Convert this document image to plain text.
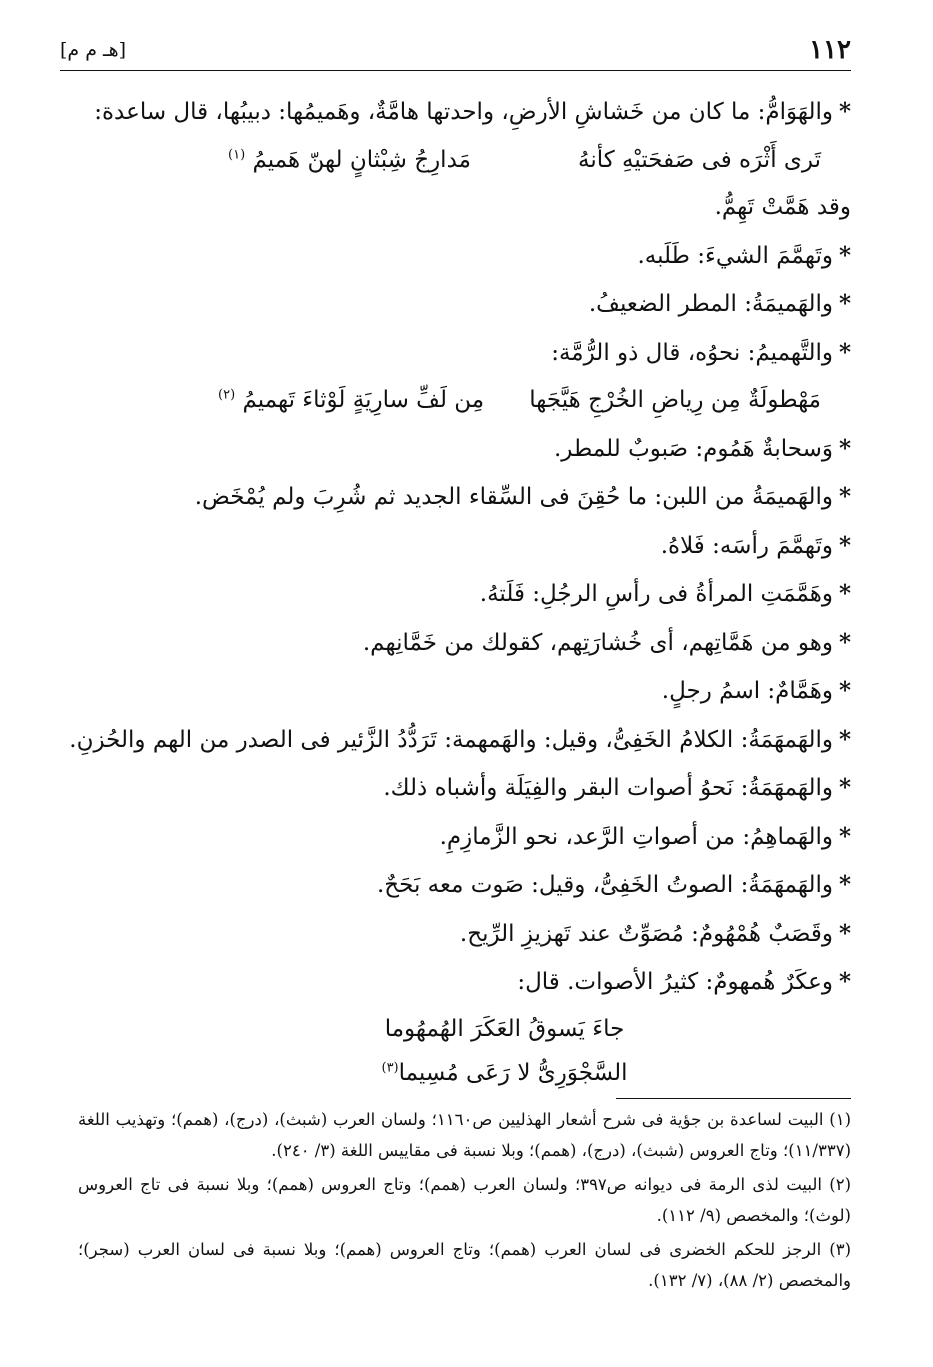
١١٢
[هـ م م]
*والهَوَامُّ: ما كان من خَشاشِ الأرضِ، واحدتها هامَّةٌ، وهَميمُها: دبيبُها، قال ساعدة:
تَرى أَثْرَه فى صَفحَتيْهِ كأنهُ
مَدارِجُ شِبْثانٍ لهنّ هَميمُ $^{(١)}$
وقد هَمَّتْ تَهِمُّ.
*وتَهمَّمَ الشيءَ: طَلَبه.
*والهَميمَةُ: المطر الضعيفُ.
*والتَّهميمُ: نحوُه، قال ذو الرُّمَّة:
مَهْطولَةٌ مِن رِياضِ الخُرْجِ هَيَّجَها
مِن لَفِّ سارِيَةٍ لَوْثاءَ تَهميمُ $^{(٢)}$
*وَسحابةٌ هَمُوم: صَبوبٌ للمطر.
*والهَميمَةُ من اللبن: ما حُقِنَ فى السِّقاء الجديد ثم شُرِبَ ولم يُمْخَض.
*وتَهمَّمَ رأسَه: فَلاهُ.
*وهَمَّمَتِ المرأةُ فى رأسِ الرجُلِ: فَلَتهُ.
*وهو من هَمَّاتِهم، أى خُشارَتِهم، كقولك من خَمَّانِهم.
*وهَمَّامٌ: اسمُ رجلٍ.
*والهَمهَمَةُ: الكلامُ الخَفِىُّ، وقيل: والهَمهمة: تَرَدُّدُ الزَّئير فى الصدر من الهم والحُزنِ.
*والهَمهَمَةُ: نَحوُ أصوات البقر والفِيَلَة وأشباه ذلك.
*والهَماهِمُ: من أصواتِ الرَّعد، نحو الزَّمازِمِ.
*والهَمهَمَةُ: الصوتُ الخَفِىُّ، وقيل: صَوت معه بَحَحٌ.
*وقَصَبٌ هُمْهُومٌ: مُصَوِّتٌ عند تَهزيزِ الرِّيح.
*وعكَرٌ هُمهومٌ: كثيرُ الأصوات. قال:
جاءَ يَسوقُ العَكَرَ الهُمهُوما
السَّجْوَرِىُّ لا رَعَى مُسِيما$^{(٣)}$

(١) البيت لساعدة بن جؤية فى شرح أشعار الهذليين ص١١٦٠؛ ولسان العرب (شبث)، (درج)، (همم)؛ وتهذيب اللغة (١١/٣٣٧)؛ وتاج العروس (شبث)، (درج)، (همم)؛ وبلا نسبة فى مقاييس اللغة (٣/ ٢٤٠).

(٢) البيت لذى الرمة فى ديوانه ص٣٩٧؛ ولسان العرب (همم)؛ وتاج العروس (همم)؛ وبلا نسبة فى تاج العروس (لوث)؛ والمخصص (٩/ ١١٢).

(٣) الرجز للحكم الخضرى فى لسان العرب (همم)؛ وتاج العروس (همم)؛ وبلا نسبة فى لسان العرب (سجر)؛ والمخصص (٢/ ٨٨)، (٧/ ١٣٢).
